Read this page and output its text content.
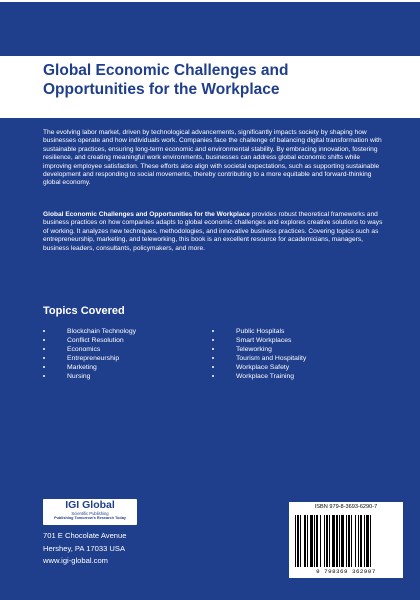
Global Economic Challenges and Opportunities for the Workplace
The evolving labor market, driven by technological advancements, significantly impacts society by shaping how businesses operate and how individuals work. Companies face the challenge of balancing digital transformation with sustainable practices, ensuring long-term economic and environmental stability. By embracing innovation, fostering resilience, and creating meaningful work environments, businesses can address global economic shifts while improving employee satisfaction. These efforts also align with societal expectations, such as supporting sustainable development and responding to social movements, thereby contributing to a more equitable and forward-thinking global economy.
Global Economic Challenges and Opportunities for the Workplace provides robust theoretical frameworks and business practices on how companies adapts to global economic challenges and explores creative solutions to ways of working. It analyzes new techniques, methodologies, and innovative business practices. Covering topics such as entrepreneurship, marketing, and teleworking, this book is an excellent resource for academicians, managers, business leaders, consultants, policymakers, and more.
Topics Covered
Blockchain Technology
Conflict Resolution
Economics
Entrepreneurship
Marketing
Nursing
Public Hospitals
Smart Workplaces
Teleworking
Tourism and Hospitality
Workplace Safety
Workplace Training
IGI Global
Scientific Publishing
Publishing Tomorrow's Research Today
701 E Chocolate Avenue
Hershey, PA 17033 USA
www.igi-global.com
ISBN 979-8-3693-6290-7
9 798369 362907
